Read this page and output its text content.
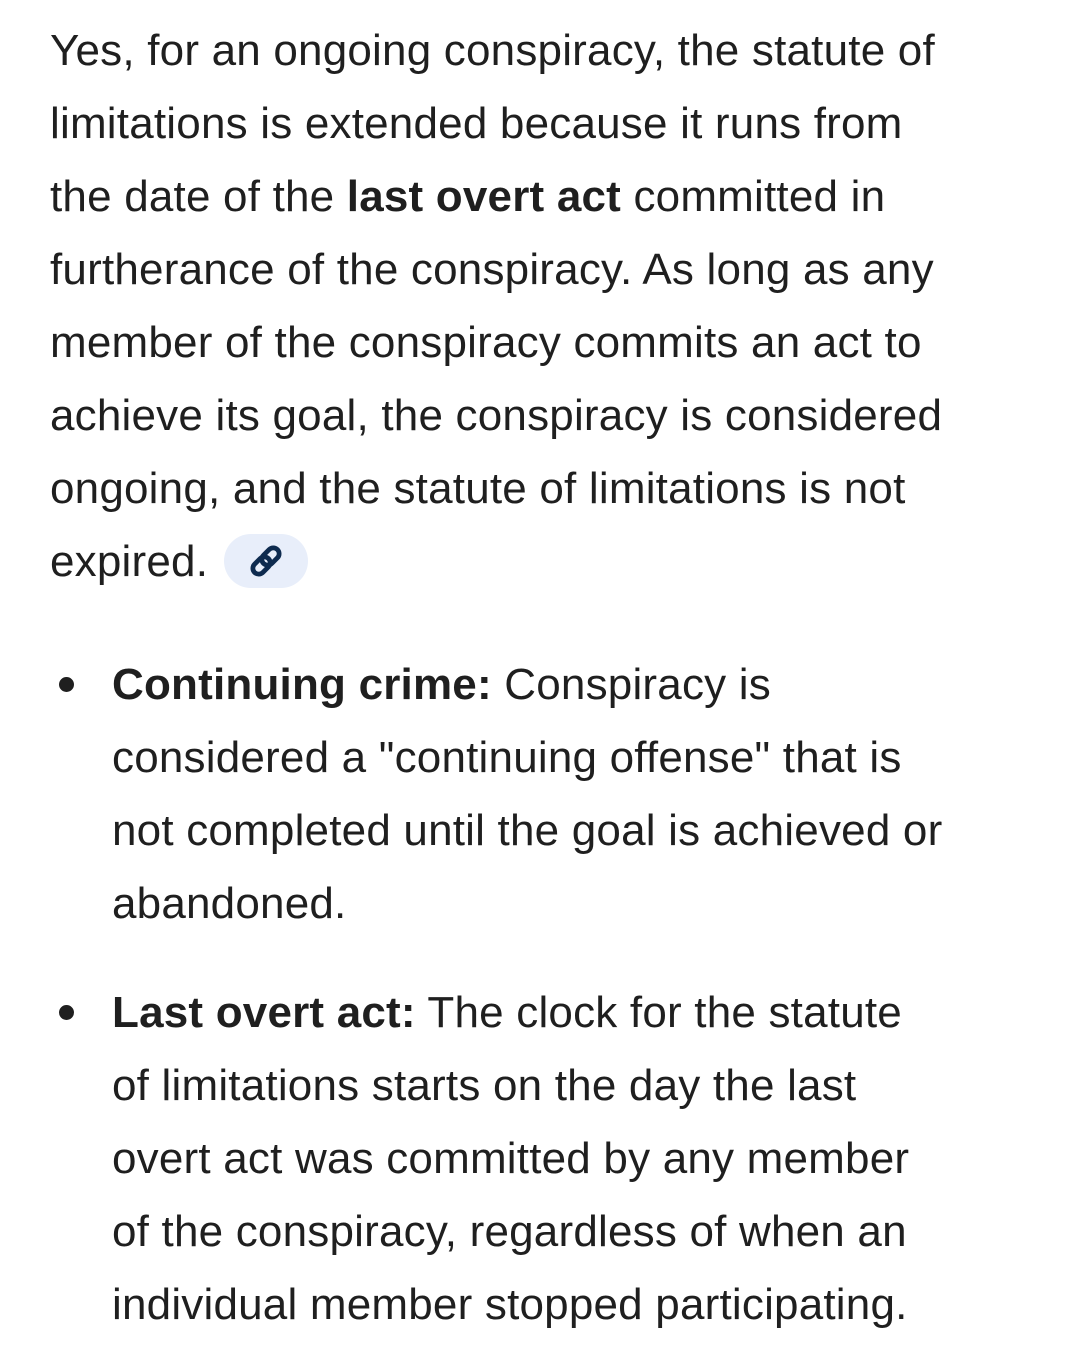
Yes, for an ongoing conspiracy, the statute of
limitations is extended because it runs from
the date of the last overt act committed in
furtherance of the conspiracy. As long as any
member of the conspiracy commits an act to
achieve its goal, the conspiracy is considered
ongoing, and the statute of limitations is not
expired.
Continuing crime: Conspiracy is
considered a "continuing offense" that is
not completed until the goal is achieved or
abandoned.
Last overt act: The clock for the statute
of limitations starts on the day the last
overt act was committed by any member
of the conspiracy, regardless of when an
individual member stopped participating.
